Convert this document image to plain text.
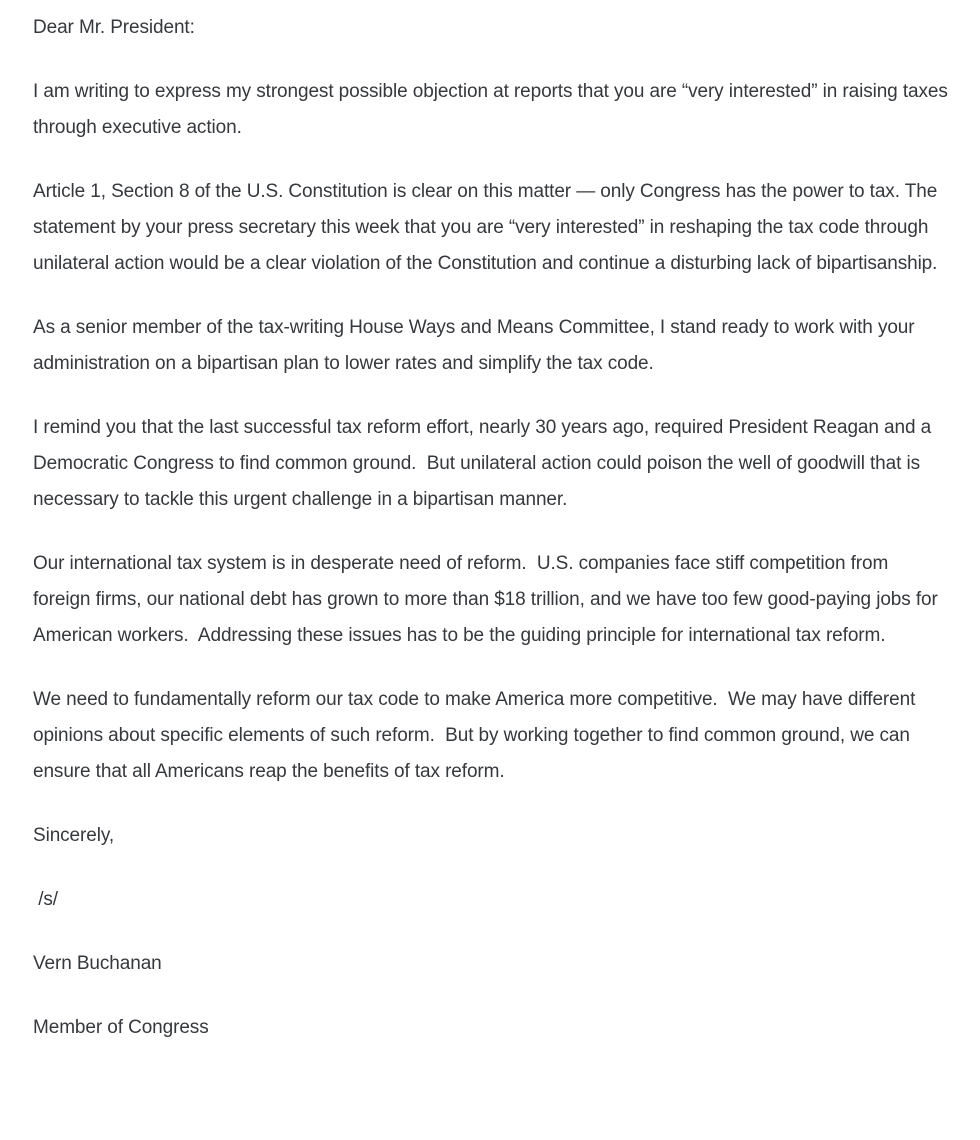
Dear Mr. President:

I am writing to express my strongest possible objection at reports that you are “very interested” in raising taxes through executive action.

Article 1, Section 8 of the U.S. Constitution is clear on this matter — only Congress has the power to tax. The statement by your press secretary this week that you are “very interested” in reshaping the tax code through unilateral action would be a clear violation of the Constitution and continue a disturbing lack of bipartisanship.

As a senior member of the tax-writing House Ways and Means Committee, I stand ready to work with your administration on a bipartisan plan to lower rates and simplify the tax code.

I remind you that the last successful tax reform effort, nearly 30 years ago, required President Reagan and a Democratic Congress to find common ground.  But unilateral action could poison the well of goodwill that is necessary to tackle this urgent challenge in a bipartisan manner.

Our international tax system is in desperate need of reform.  U.S. companies face stiff competition from foreign firms, our national debt has grown to more than $18 trillion, and we have too few good-paying jobs for American workers.  Addressing these issues has to be the guiding principle for international tax reform.

We need to fundamentally reform our tax code to make America more competitive.  We may have different opinions about specific elements of such reform.  But by working together to find common ground, we can ensure that all Americans reap the benefits of tax reform.

Sincerely,

/s/

Vern Buchanan

Member of Congress
